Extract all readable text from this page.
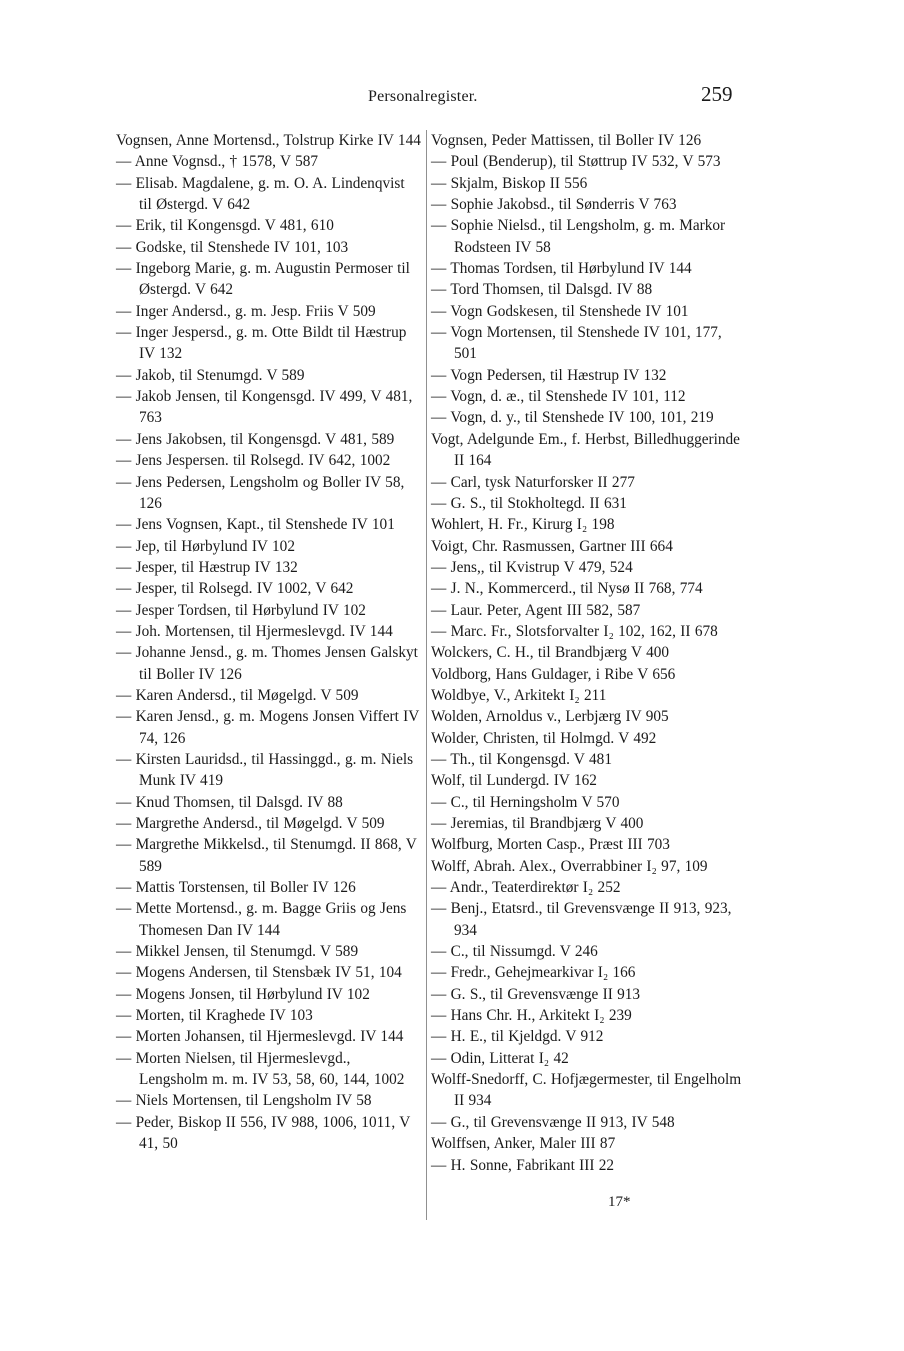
Personalregister.	259
Vognsen, Anne Mortensd., Tolstrup Kirke IV 144
— Anne Vognsd., † 1578, V 587
— Elisab. Magdalene, g. m. O. A. Lindenqvist til Østergd. V 642
— Erik, til Kongensgd. V 481, 610
— Godske, til Stenshede IV 101, 103
— Ingeborg Marie, g. m. Augustin Permoser til Østergd. V 642
— Inger Andersd., g. m. Jesp. Friis V 509
— Inger Jespersd., g. m. Otte Bildt til Hæstrup IV 132
— Jakob, til Stenumgd. V 589
— Jakob Jensen, til Kongensgd. IV 499, V 481, 763
— Jens Jakobsen, til Kongensgd. V 481, 589
— Jens Jespersen. til Rolsegd. IV 642, 1002
— Jens Pedersen, Lengsholm og Boller IV 58, 126
— Jens Vognsen, Kapt., til Stenshede IV 101
— Jep, til Hørbylund IV 102
— Jesper, til Hæstrup IV 132
— Jesper, til Rolsegd. IV 1002, V 642
— Jesper Tordsen, til Hørbylund IV 102
— Joh. Mortensen, til Hjermeslevgd. IV 144
— Johanne Jensd., g. m. Thomes Jensen Galskyt til Boller IV 126
— Karen Andersd., til Møgelgd. V 509
— Karen Jensd., g. m. Mogens Jonsen Viffert IV 74, 126
— Kirsten Lauridsd., til Hassinggd., g. m. Niels Munk IV 419
— Knud Thomsen, til Dalsgd. IV 88
— Margrethe Andersd., til Møgelgd. V 509
— Margrethe Mikkelsd., til Stenumgd. II 868, V 589
— Mattis Torstensen, til Boller IV 126
— Mette Mortensd., g. m. Bagge Griis og Jens Thomesen Dan IV 144
— Mikkel Jensen, til Stenumgd. V 589
— Mogens Andersen, til Stensbæk IV 51, 104
— Mogens Jonsen, til Hørbylund IV 102
— Morten, til Kraghede IV 103
— Morten Johansen, til Hjermeslevgd. IV 144
— Morten Nielsen, til Hjermeslevgd., Lengsholm m. m. IV 53, 58, 60, 144, 1002
— Niels Mortensen, til Lengsholm IV 58
— Peder, Biskop II 556, IV 988, 1006, 1011, V 41, 50
Vognsen, Peder Mattissen, til Boller IV 126
— Poul (Benderup), til Støttrup IV 532, V 573
— Skjalm, Biskop II 556
— Sophie Jakobsd., til Sønderris V 763
— Sophie Nielsd., til Lengsholm, g. m. Markor Rodsteen IV 58
— Thomas Tordsen, til Hørbylund IV 144
— Tord Thomsen, til Dalsgd. IV 88
— Vogn Godskesen, til Stenshede IV 101
— Vogn Mortensen, til Stenshede IV 101, 177, 501
— Vogn Pedersen, til Hæstrup IV 132
— Vogn, d. æ., til Stenshede IV 101, 112
— Vogn, d. y., til Stenshede IV 100, 101, 219
Vogt, Adelgunde Em., f. Herbst, Billedhuggerinde II 164
— Carl, tysk Naturforsker II 277
— G. S., til Stokholtegd. II 631
Wohlert, H. Fr., Kirurg I₂ 198
Voigt, Chr. Rasmussen, Gartner III 664
— Jens,, til Kvistrup V 479, 524
— J. N., Kommercerd., til Nysø II 768, 774
— Laur. Peter, Agent III 582, 587
— Marc. Fr., Slotsforvalter I₂ 102, 162, II 678
Wolckers, C. H., til Brandbjærg V 400
Voldborg, Hans Guldager, i Ribe V 656
Woldbye, V., Arkitekt I₂ 211
Wolden, Arnoldus v., Lerbjærg IV 905
Wolder, Christen, til Holmgd. V 492
— Th., til Kongensgd. V 481
Wolf, til Lundergd. IV 162
— C., til Herningsholm V 570
— Jeremias, til Brandbjærg V 400
Wolfburg, Morten Casp., Præst III 703
Wolff, Abrah. Alex., Overrabbiner I₂ 97, 109
— Andr., Teaterdirektør I₂ 252
— Benj., Etatsrd., til Grevensvænge II 913, 923, 934
— C., til Nissumgd. V 246
— Fredr., Gehejmearkivar I₂ 166
— G. S., til Grevensvænge II 913
— Hans Chr. H., Arkitekt I₂ 239
— H. E., til Kjeldgd. V 912
— Odin, Litterat I₂ 42
Wolff-Snedorff, C. Hofjægermester, til Engelholm II 934
— G., til Grevensvænge II 913, IV 548
Wolffsen, Anker, Maler III 87
— H. Sonne, Fabrikant III 22
17*
